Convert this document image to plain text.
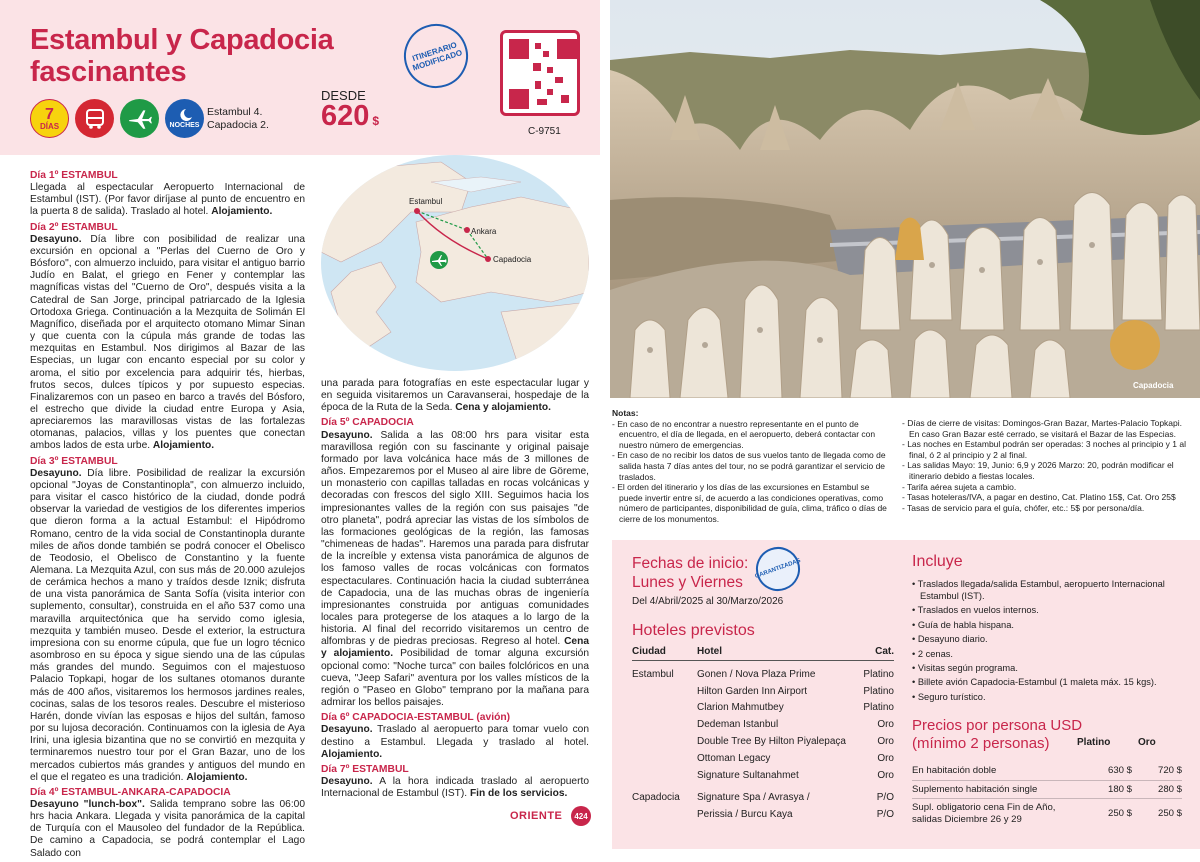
Estambul y Capadocia fascinantes
7
DÍAS	NOCHES
Estambul 4.
Capadocia 2.
ITINERARIO MODIFICADO
DESDE
620 $
C-9751
Día 1º ESTAMBUL

Llegada al espectacular Aeropuerto Internacional de Estambul (IST). (Por favor diríjase al punto de encuentro en la puerta 8 de salida). Traslado al hotel. Alojamiento.

Día 2º ESTAMBUL

Desayuno. Día libre con posibilidad de realizar una excursión en opcional a "Perlas del Cuerno de Oro y Bósforo", con almuerzo incluido, para visitar el antiguo barrio Judío en Balat, el griego en Fener y contemplar las magníficas vistas del "Cuerno de Oro", después visita a la Catedral de San Jorge, principal patriarcado de la Iglesia Ortodoxa Griega. Continuación a la Mezquita de Solimán El Magnífico, diseñada por el arquitecto otomano Mimar Sinan y que cuenta con la cúpula más grande de todas las mezquitas en Estambul. Nos dirigimos al Bazar de las Especias, un lugar con encanto especial por su color y aroma, el sitio por excelencia para adquirir tés, hierbas, frutos secos, dulces típicos y por supuesto especias. Finalizaremos con un paseo en barco a través del Bósforo, el estrecho que divide la ciudad entre Europa y Asia, apreciaremos las maravillosas vistas de las fortalezas otomanas, palacios, villas y los puentes que conectan ambos lados de esta urbe. Alojamiento.

Día 3º ESTAMBUL

Desayuno. Día libre. Posibilidad de realizar la excursión opcional "Joyas de Constantinopla", con almuerzo incluido, para visitar el casco histórico de la ciudad, donde podrá observar la variedad de vestigios de los diferentes imperios que dieron forma a la actual Estambul: el Hipódromo Romano, centro de la vida social de Constantinopla durante miles de años donde también se podrá conocer el Obelisco de Teodosio, el Obelisco de Constantino y la fuente Alemana. La Mezquita Azul, con sus más de 20.000 azulejos de cerámica hechos a mano y traídos desde Iznik; disfruta de una vista panorámica de Santa Sofía (visita interior con suplemento, consultar), construida en el año 537 como una maravilla arquitectónica que ha servido como iglesia, mezquita y también museo. Desde el exterior, la estructura impresiona con su enorme cúpula, que fue un logro técnico asombroso en su época y sigue siendo una de las cúpulas más grandes del mundo. Seguimos con el majestuoso Palacio Topkapi, hogar de los sultanes otomanos durante más de 400 años, visitaremos los hermosos jardines reales, cocinas, salas de los tesoros reales. Descubre el misterioso Harén, donde vivían las esposas e hijos del sultán, famoso por su lujosa decoración. Continuamos con la iglesia de Aya Irini, una iglesia bizantina que no se convirtió en mezquita y terminaremos nuestro tour por el Gran Bazar, uno de los mercados cubiertos más grandes y antiguos del mundo en el que el regateo es una tradición. Alojamiento.

Día 4º ESTAMBUL-ANKARA-CAPADOCIA

Desayuno "lunch-box". Salida temprano sobre las 06:00 hrs hacia Ankara. Llegada y visita panorámica de la capital de Turquía con el Mausoleo del fundador de la República. De camino a Capadocia, se podrá contemplar el Lago Salado con

Estambul
Ankara
Capadocia

una parada para fotografías en este espectacular lugar y en seguida visitaremos un Caravanserai, hospedaje de la época de la Ruta de la Seda. Cena y alojamiento.

Día 5º CAPADOCIA

Desayuno. Salida a las 08:00 hrs para visitar esta maravillosa región con su fascinante y original paisaje formado por lava volcánica hace más de 3 millones de años. Empezaremos por el Museo al aire libre de Göreme, un monasterio con capillas talladas en rocas volcánicas y decoradas con frescos del siglo XIII. Seguimos hacia los impresionantes valles de la región con sus paisajes "de otro planeta", podrá apreciar las vistas de los símbolos de las formaciones geológicas de la región, las famosas "chimeneas de hadas". Haremos una parada para disfrutar de la increíble y extensa vista panorámica de algunos de los famoso valles de rocas volcánicas con formatos espectaculares. Continuación hacia la ciudad subterránea de Capadocia, una de las muchas obras de ingeniería impresionantes construida por antiguas comunidades locales para protegerse de los ataques a lo largo de la historia. Al final del recorrido visitaremos un centro de alfombras y de piedras preciosas. Regreso al hotel. Cena y alojamiento. Posibilidad de tomar alguna excursión opcional como: "Noche turca" con bailes folclóricos en una cueva, "Jeep Safari" aventura por los valles místicos de la región o "Paseo en Globo" temprano por la mañana para admirar los bellos paisajes.

Día 6º CAPADOCIA-ESTAMBUL (avión)

Desayuno. Traslado al aeropuerto para tomar vuelo con destino a Estambul. Llegada y traslado al hotel. Alojamiento.

Día 7º ESTAMBUL

Desayuno. A la hora indicada traslado al aeropuerto Internacional de Estambul (IST). Fin de los servicios.

ORIENTE	424
Capadocia
Notas:
- En caso de no encontrar a nuestro representante en el punto de encuentro, el día de llegada, en el aeropuerto, deberá contactar con nuestro número de emergencias.
- En caso de no recibir los datos de sus vuelos tanto de llegada como de salida hasta 7 días antes del tour, no se podrá garantizar el servicio de traslados.
- El orden del itinerario y los días de las excursiones en Estambul se puede invertir entre sí, de acuerdo a las condiciones operativas, como número de participantes, disponibilidad de guía, clima, tráfico o días de cierre de los monumentos.
- Días de cierre de visitas: Domingos-Gran Bazar, Martes-Palacio Topkapi. En caso Gran Bazar esté cerrado, se visitará el Bazar de las Especias.
- Las noches en Estambul podrán ser operadas: 3 noches al principio y 1 al final, ó 2 al principio y 2 al final.
- Las salidas Mayo: 19, Junio: 6,9 y 2026 Marzo: 20, podrán modificar el itinerario debido a fiestas locales.
- Tarifa aérea sujeta a cambio.
- Tasas hoteleras/IVA, a pagar en destino, Cat. Platino 15$, Cat. Oro 25$
- Tasas de servicio para el guía, chófer, etc.: 5$ por persona/día.
Fechas de inicio:
Lunes y Viernes
GARANTIZADAS
Del 4/Abril/2025 al 30/Marzo/2026
Hoteles previstos
Ciudad	Hotel	Cat.
Estambul	Gonen / Nova Plaza Prime	Platino
Hilton Garden Inn Airport	Platino
Clarion Mahmutbey	Platino
Dedeman Istanbul	Oro
Double Tree By Hilton Piyalepaça	Oro
Ottoman Legacy	Oro
Signature Sultanahmet	Oro
Capadocia	Signature Spa / Avrasya /	P/O
Perissia / Burcu Kaya	P/O
Incluye
• Traslados llegada/salida Estambul, aeropuerto Internacional Estambul (IST).
• Traslados en vuelos internos.
• Guía de habla hispana.
• Desayuno diario.
• 2 cenas.
• Visitas según programa.
• Billete avión Capadocia-Estambul (1 maleta máx. 15 kgs).
• Seguro turístico.
Precios por persona USD
(mínimo 2 personas)	Platino	Oro
En habitación doble	630 $	720 $
Suplemento habitación single	180 $	280 $
Supl. obligatorio cena Fin de Año, salidas Diciembre 26 y 29	250 $	250 $
